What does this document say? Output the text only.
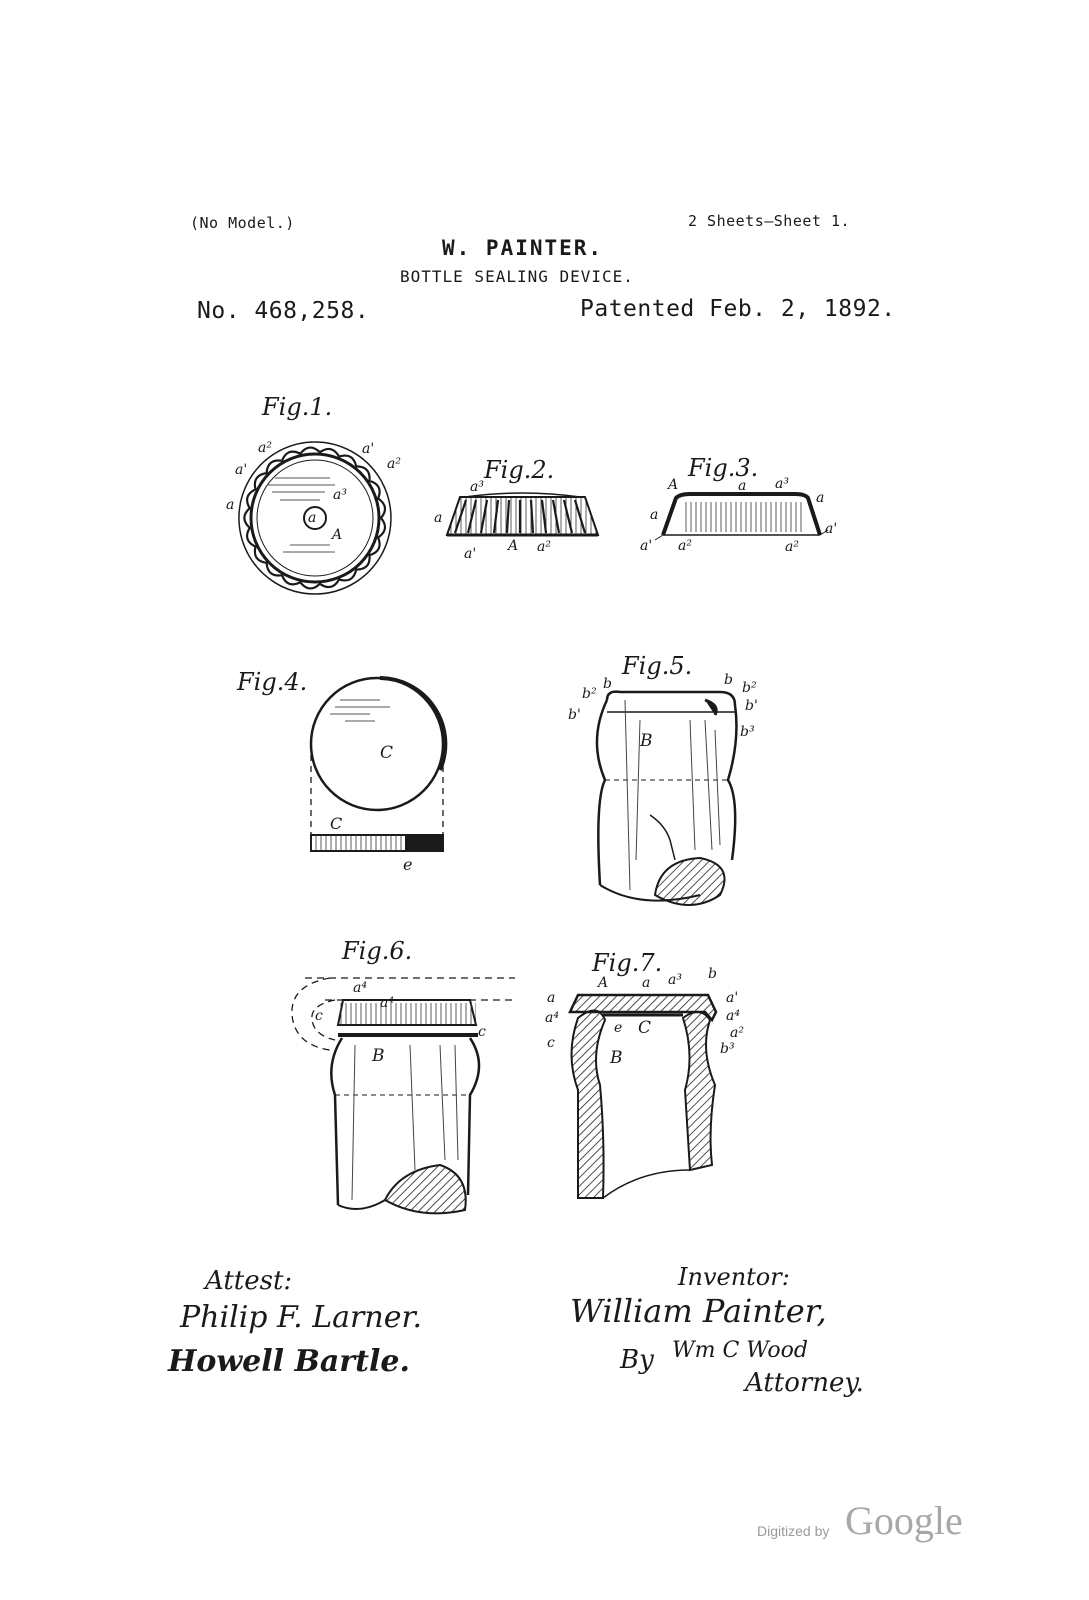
(No Model.)	2 Sheets—Sheet 1.
W. PAINTER.
BOTTLE SEALING DEVICE.
No. 468,258.	Patented Feb. 2, 1892.
Fig.1.
a²	a'
a'	a²
a
a³
a
A
Fig.2.
a³
a
a' A a²
Fig.3.
A	a a³
a
a
a'
a' a²	a²
Fig.4.
C
C
e
Fig.5.
b²
b
b'
B
b b²
b'
b³
Fig.6.
a⁴
a⁴
c
c
B
Fig.7.
A a a³ b
a
a⁴
c
e C
B
a'
a⁴
a²
b³
Attest:
Philip F. Larner.
Howell Bartle.
Inventor:
William Painter,
By Wm C Wood
Attorney.
Digitized by Google
